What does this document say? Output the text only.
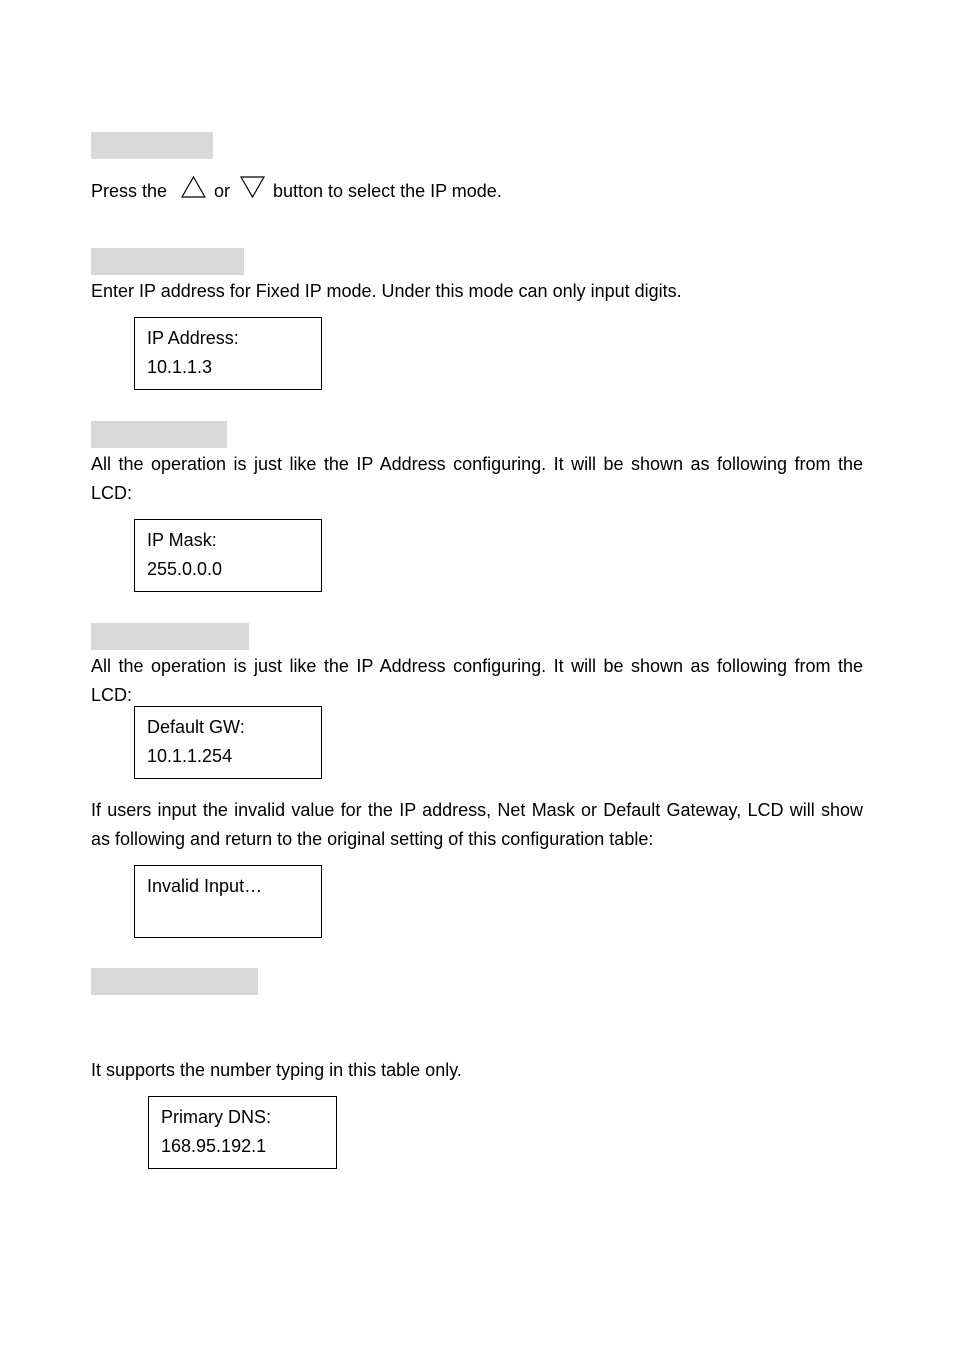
Press the	or button to select the IP mode.

Enter IP address for Fixed IP mode. Under this mode can only input digits.

IP Address:
10.1.1.3

All the operation is just like the IP Address configuring. It will be shown as following from the LCD:

IP Mask:
255.0.0.0

All the operation is just like the IP Address configuring. It will be shown as following from the LCD:

Default GW:
10.1.1.254

If users input the invalid value for the IP address, Net Mask or Default Gateway, LCD will show as following and return to the original setting of this configuration table:

Invalid Input…

It supports the number typing in this table only.

Primary DNS:
168.95.192.1
